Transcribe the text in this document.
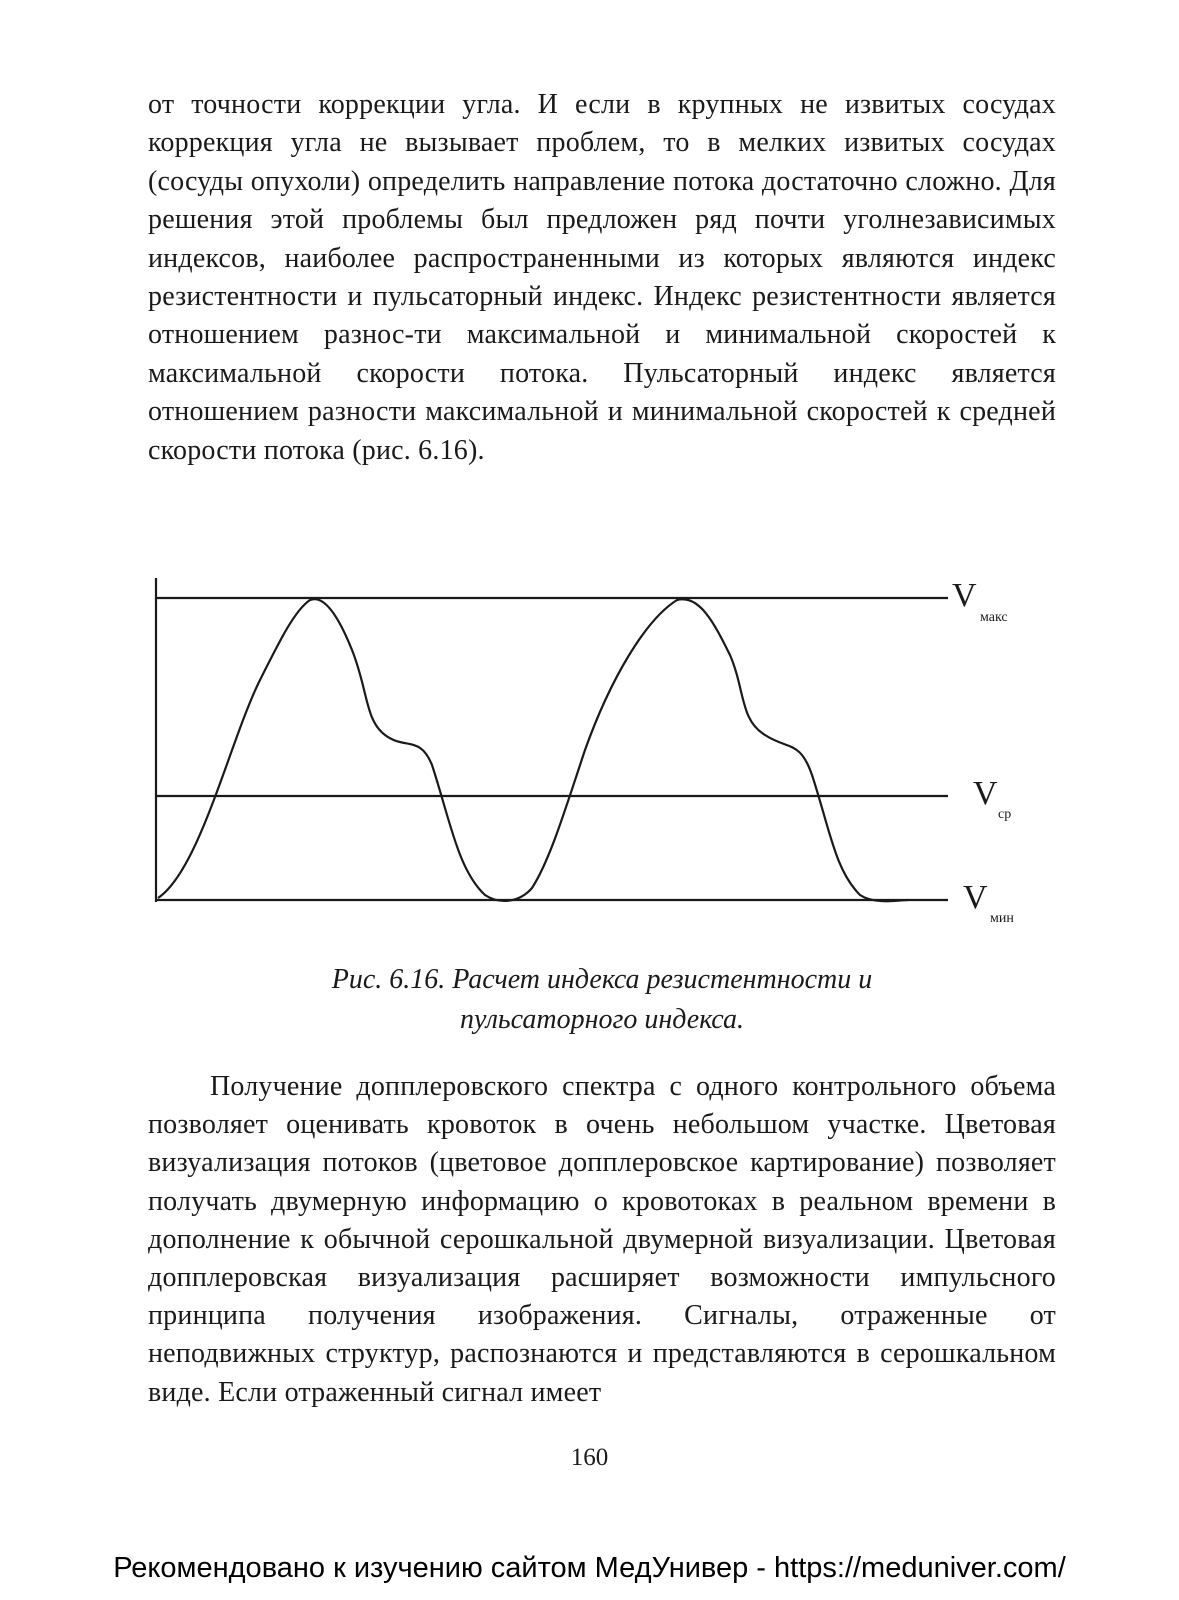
от точности коррекции угла. И если в крупных не извитых сосудах коррекция угла не вызывает проблем, то в мелких извитых сосудах (сосуды опухоли) определить направление потока достаточно сложно. Для решения этой проблемы был предложен ряд почти уголнезависимых индексов, наиболее распространенными из которых являются индекс резистентности и пульсаторный индекс. Индекс резистентности является отношением разнос-ти максимальной и минимальной скоростей к максимальной скорости потока. Пульсаторный индекс является отношением разности максимальной и минимальной скоростей к средней скорости потока (рис. 6.16).

V
макс
V
ср
V
мин
Рис. 6.16. Расчет индекса резистентности и
пульсаторного индекса.

Получение допплеровского спектра с одного контрольного объема позволяет оценивать кровоток в очень небольшом участке. Цветовая визуализация потоков (цветовое допплеровское картирование) позволяет получать двумерную информацию о кровотоках в реальном времени в дополнение к обычной серошкальной двумерной визуализации. Цветовая допплеровская визуализация расширяет возможности импульсного принципа получения изображения. Сигналы, отраженные от неподвижных структур, распознаются и представляются в серошкальном виде. Если отраженный сигнал имеет

160
Рекомендовано к изучению сайтом МедУнивер - https://meduniver.com/
